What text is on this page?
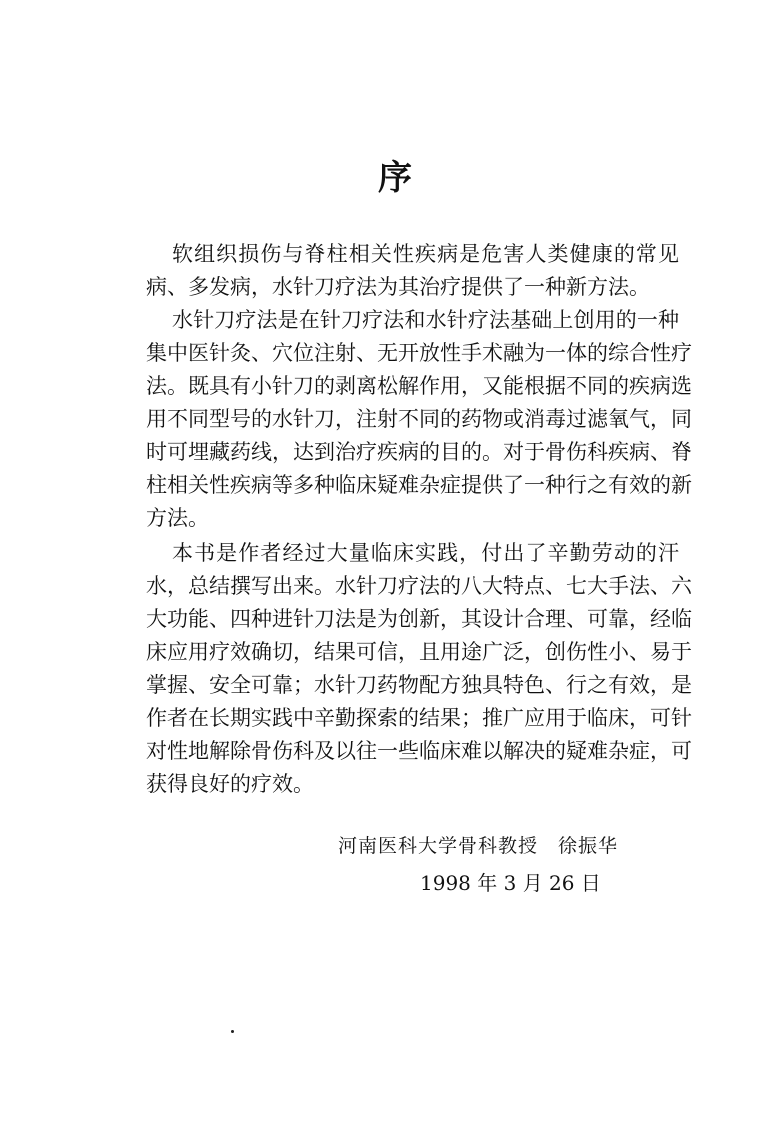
序
软组织损伤与脊柱相关性疾病是危害人类健康的常见
病、多发病，水针刀疗法为其治疗提供了一种新方法。
水针刀疗法是在针刀疗法和水针疗法基础上创用的一种
集中医针灸、穴位注射、无开放性手术融为一体的综合性疗
法。既具有小针刀的剥离松解作用，又能根据不同的疾病选
用不同型号的水针刀，注射不同的药物或消毒过滤氧气，同
时可埋藏药线，达到治疗疾病的目的。对于骨伤科疾病、脊
柱相关性疾病等多种临床疑难杂症提供了一种行之有效的新
方法。
本书是作者经过大量临床实践，付出了辛勤劳动的汗
水，总结撰写出来。水针刀疗法的八大特点、七大手法、六
大功能、四种进针刀法是为创新，其设计合理、可靠，经临
床应用疗效确切，结果可信，且用途广泛，创伤性小、易于
掌握、安全可靠；水针刀药物配方独具特色、行之有效，是
作者在长期实践中辛勤探索的结果；推广应用于临床，可针
对性地解除骨伤科及以往一些临床难以解决的疑难杂症，可
获得良好的疗效。
河南医科大学骨科教授　徐振华
1998 年 3 月 26 日
